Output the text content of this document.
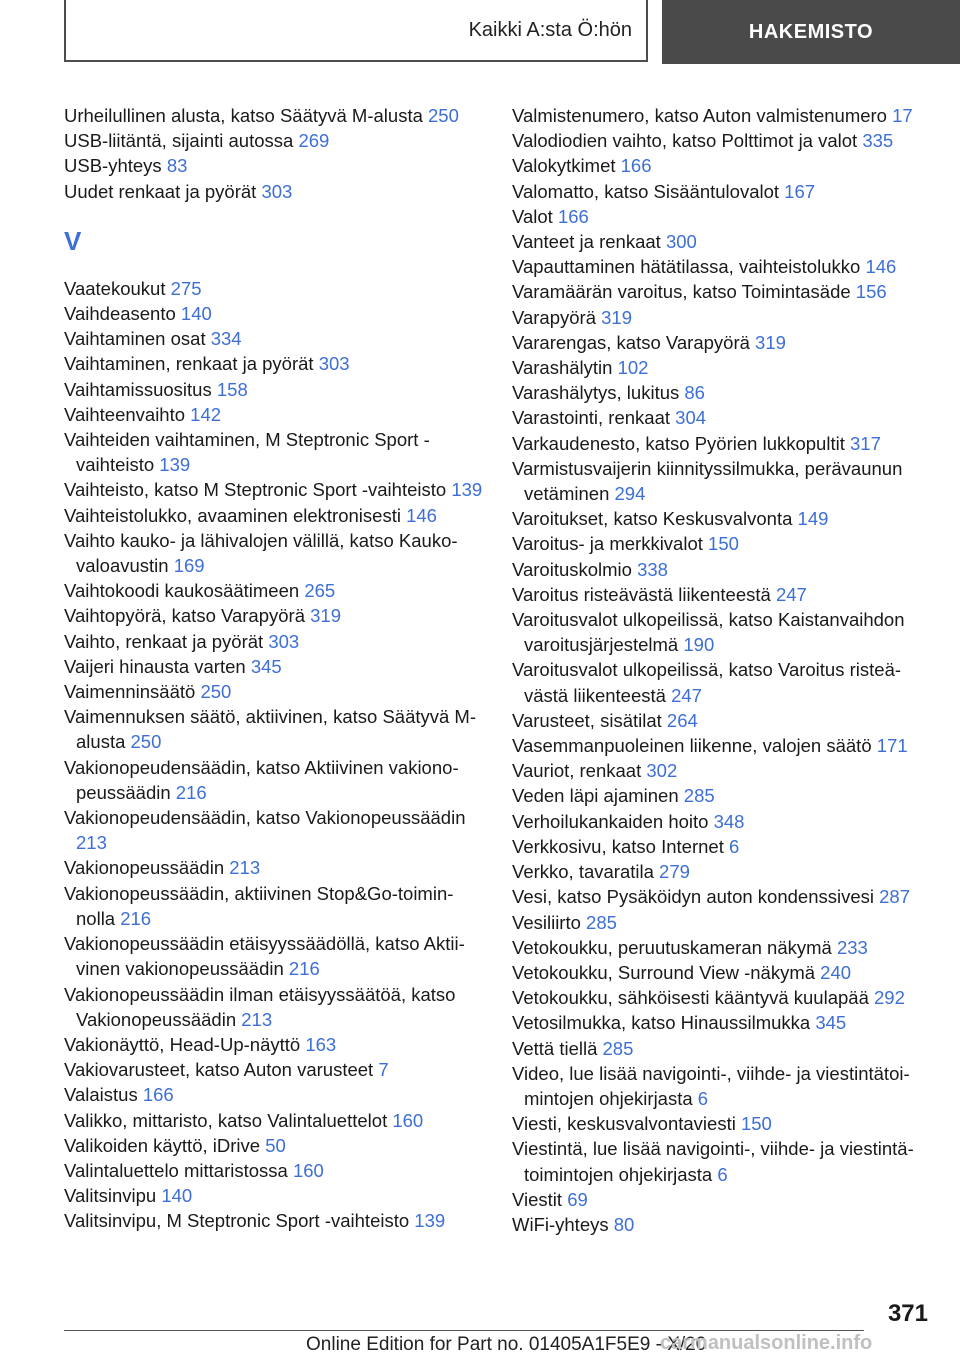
Kaikki A:sta Ö:hön	HAKEMISTO

Urheilullinen alusta, katso Säätyvä M-alusta 250

USB-liitäntä, sijainti autossa 269

USB-yhteys 83

Uudet renkaat ja pyörät 303

V

Vaatekoukut 275

Vaihdeasento 140

Vaihtaminen osat 334

Vaihtaminen, renkaat ja pyörät 303

Vaihtamissuositus 158

Vaihteenvaihto 142

Vaihteiden vaihtaminen, M Steptronic Sport -vaihteisto 139

Vaihteisto, katso M Steptronic Sport -vaihteisto 139

Vaihteistolukko, avaaminen elektronisesti 146

Vaihto kauko- ja lähivalojen välillä, katso Kaukovaloavustin 169

Vaihtokoodi kaukosäätimeen 265

Vaihtopyörä, katso Varapyörä 319

Vaihto, renkaat ja pyörät 303

Vaijeri hinausta varten 345

Vaimenninsäätö 250

Vaimennuksen säätö, aktiivinen, katso Säätyvä M-alusta 250

Vakionopeudensäädin, katso Aktiivinen vakionopeussäädin 216

Vakionopeudensäädin, katso Vakionopeussäädin 213

Vakionopeussäädin 213

Vakionopeussäädin, aktiivinen Stop&Go-toiminnolla 216

Vakionopeussäädin etäisyyssäädöllä, katso Aktiivinen vakionopeussäädin 216

Vakionopeussäädin ilman etäisyyssäätöä, katso Vakionopeussäädin 213

Vakionäyttö, Head-Up-näyttö 163

Vakiovarusteet, katso Auton varusteet 7

Valaistus 166

Valikko, mittaristo, katso Valintaluettelot 160

Valikoiden käyttö, iDrive 50

Valintaluettelo mittaristossa 160

Valitsinvipu 140

Valitsinvipu, M Steptronic Sport -vaihteisto 139

Valmistenumero, katso Auton valmistenumero 17

Valodiodien vaihto, katso Polttimot ja valot 335

Valokytkimet 166

Valomatto, katso Sisääntulovalot 167

Valot 166

Vanteet ja renkaat 300

Vapauttaminen hätätilassa, vaihteistolukko 146

Varamäärän varoitus, katso Toimintasäde 156

Varapyörä 319

Vararengas, katso Varapyörä 319

Varashälytin 102

Varashälytys, lukitus 86

Varastointi, renkaat 304

Varkaudenesto, katso Pyörien lukkopultit 317

Varmistusvaijerin kiinnityssilmukka, perävaunun vetäminen 294

Varoitukset, katso Keskusvalvonta 149

Varoitus- ja merkkivalot 150

Varoituskolmio 338

Varoitus risteävästä liikenteestä 247

Varoitusvalot ulkopeilissä, katso Kaistanvaihdon varoitusjärjestelmä 190

Varoitusvalot ulkopeilissä, katso Varoitus risteävästä liikenteestä 247

Varusteet, sisätilat 264

Vasemmanpuoleinen liikenne, valojen säätö 171

Vauriot, renkaat 302

Veden läpi ajaminen 285

Verhoilukankaiden hoito 348

Verkkosivu, katso Internet 6

Verkko, tavaratila 279

Vesi, katso Pysäköidyn auton kondenssivesi 287

Vesiliirto 285

Vetokoukku, peruutuskameran näkymä 233

Vetokoukku, Surround View -näkymä 240

Vetokoukku, sähköisesti kääntyvä kuulapää 292

Vetosilmukka, katso Hinaussilmukka 345

Vettä tiellä 285

Video, lue lisää navigointi-, viihde- ja viestintätoimintojen ohjekirjasta 6

Viesti, keskusvalvontaviesti 150

Viestintä, lue lisää navigointi-, viihde- ja viestintätoimintojen ohjekirjasta 6

Viestit 69

WiFi-yhteys 80

371
Online Edition for Part no. 01405A1F5E9 - X/20
carmanualsonline.info
